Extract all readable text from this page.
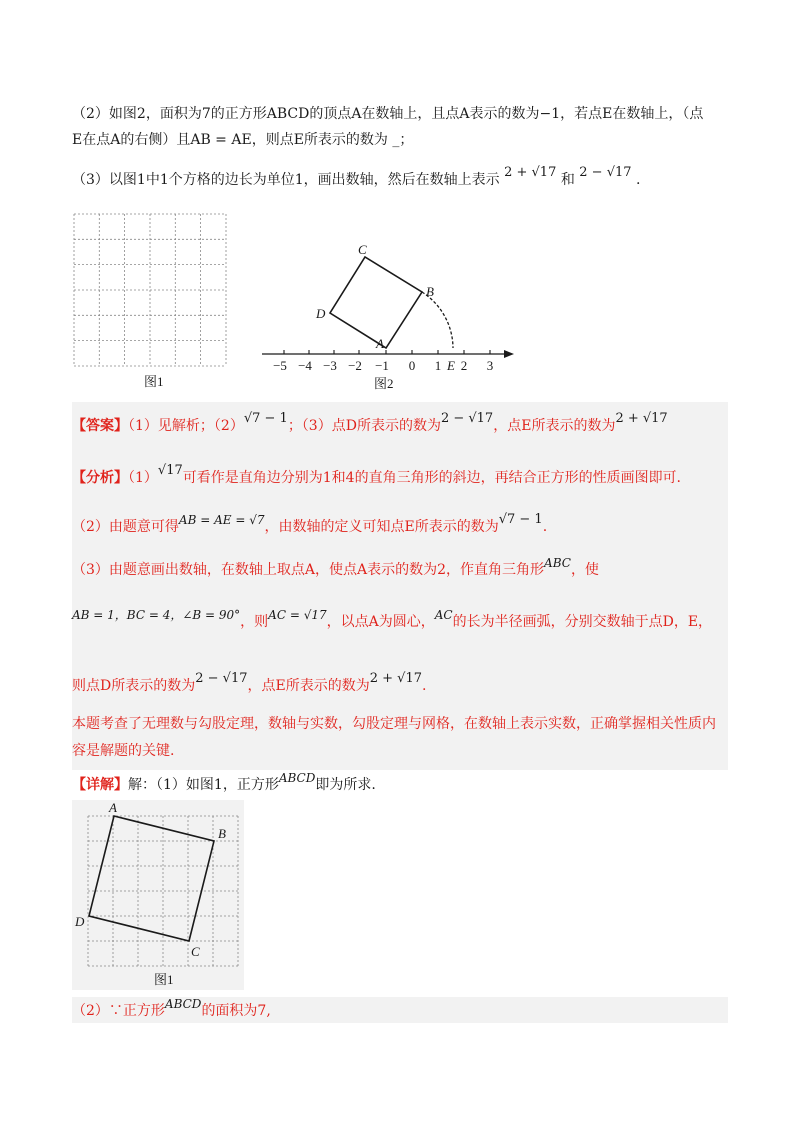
（2）如图2，面积为7的正方形ABCD的顶点A在数轴上，且点A表示的数为−1，若点E在数轴上，（点
E在点A的右侧）且AB = AE，则点E所表示的数为 _；
（3）以图1中1个方格的边长为单位1，画出数轴，然后在数轴上表示 2 + √17 和 2 − √17 .
图1
−5 −4 −3 −2 −1 0 1 2 3
A
B
C
D
E
图2
【答案】（1）见解析；（2）√7 − 1；（3）点D所表示的数为2 − √17，点E所表示的数为2 + √17
【分析】（1）√17可看作是直角边分别为1和4的直角三角形的斜边，再结合正方形的性质画图即可.
（2）由题意可得AB = AE = √7，由数轴的定义可知点E所表示的数为√7 − 1.
（3）由题意画出数轴，在数轴上取点A，使点A表示的数为2，作直角三角形ABC，使
AB = 1，BC = 4，∠B = 90°，则AC = √17，以点A为圆心，AC的长为半径画弧，分别交数轴于点D，E，
则点D所表示的数为2 − √17，点E所表示的数为2 + √17.
本题考查了无理数与勾股定理，数轴与实数，勾股定理与网格，在数轴上表示实数，正确掌握相关性质内
容是解题的关键.
【详解】解：（1）如图1，正方形ABCD即为所求.
A
B
C
D
图1
（2）∵正方形ABCD的面积为7,
